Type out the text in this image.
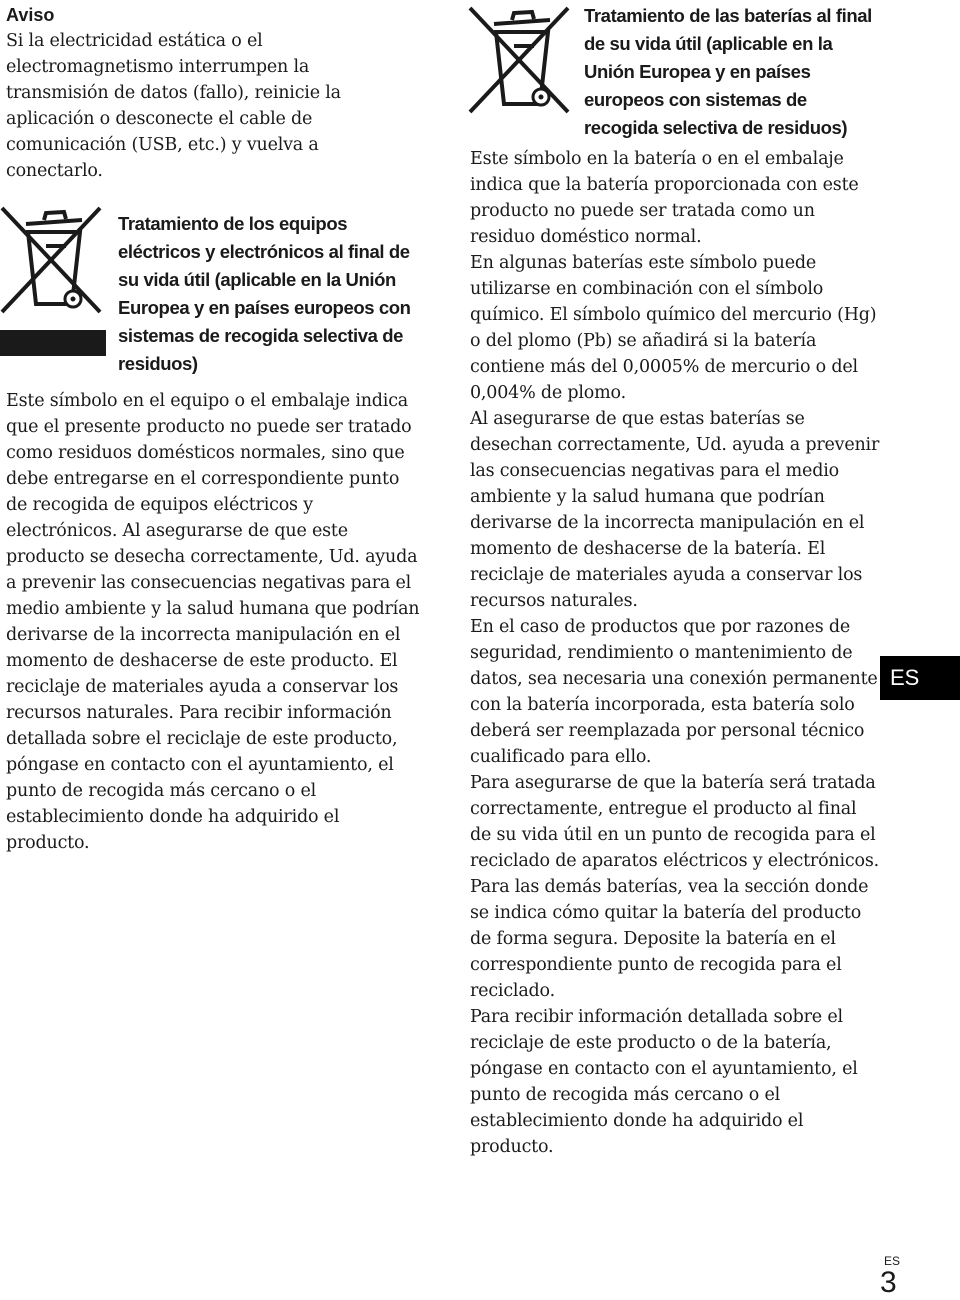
Aviso

Si la electricidad estática o el electromagnetismo interrumpen la transmisión de datos (fallo), reinicie la aplicación o desconecte el cable de comunicación (USB, etc.) y vuelva a conectarlo.

Tratamiento de los equipos eléctricos y electrónicos al final de su vida útil (aplicable en la Unión Europea y en países europeos con sistemas de recogida selectiva de residuos)

Este símbolo en el equipo o el embalaje indica que el presente producto no puede ser tratado como residuos domésticos normales, sino que debe entregarse en el correspondiente punto de recogida de equipos eléctricos y electrónicos. Al asegurarse de que este producto se desecha correctamente, Ud. ayuda a prevenir las consecuencias negativas para el medio ambiente y la salud humana que podrían derivarse de la incorrecta manipulación en el momento de deshacerse de este producto. El reciclaje de materiales ayuda a conservar los recursos naturales. Para recibir información detallada sobre el reciclaje de este producto, póngase en contacto con el ayuntamiento, el punto de recogida más cercano o el establecimiento donde ha adquirido el producto.

Tratamiento de las baterías al final de su vida útil (aplicable en la Unión Europea y en países europeos con sistemas de recogida selectiva de residuos)

Este símbolo en la batería o en el embalaje indica que la batería proporcionada con este producto no puede ser tratada como un residuo doméstico normal.

En algunas baterías este símbolo puede utilizarse en combinación con el símbolo químico. El símbolo químico del mercurio (Hg) o del plomo (Pb) se añadirá si la batería contiene más del 0,0005% de mercurio o del 0,004% de plomo.

Al asegurarse de que estas baterías se desechan correctamente, Ud. ayuda a prevenir las consecuencias negativas para el medio ambiente y la salud humana que podrían derivarse de la incorrecta manipulación en el momento de deshacerse de la batería. El reciclaje de materiales ayuda a conservar los recursos naturales.

En el caso de productos que por razones de seguridad, rendimiento o mantenimiento de datos, sea necesaria una conexión permanente con la batería incorporada, esta batería solo deberá ser reemplazada por personal técnico cualificado para ello.

Para asegurarse de que la batería será tratada correctamente, entregue el producto al final de su vida útil en un punto de recogida para el reciclado de aparatos eléctricos y electrónicos.

Para las demás baterías, vea la sección donde se indica cómo quitar la batería del producto de forma segura. Deposite la batería en el correspondiente punto de recogida para el reciclado.

Para recibir información detallada sobre el reciclaje de este producto o de la batería, póngase en contacto con el ayuntamiento, el punto de recogida más cercano o el establecimiento donde ha adquirido el producto.

ES
ES
3
